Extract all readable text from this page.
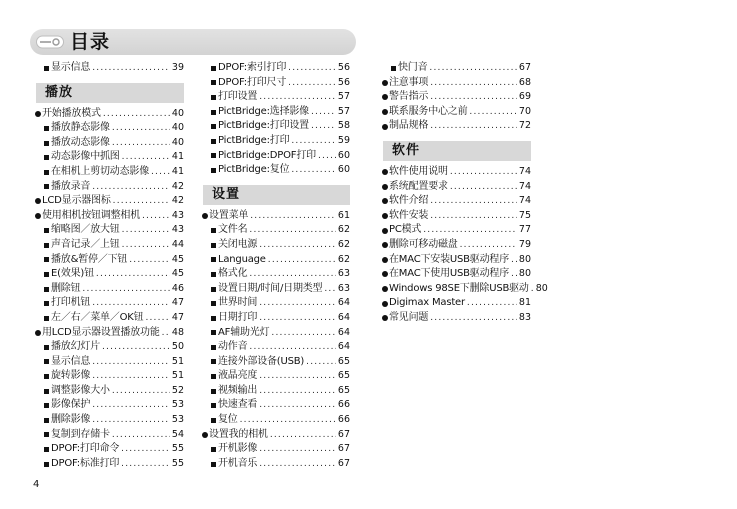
目录
显示信息 .....	39
播放
开始播放模式 .....	40
播放静态影像 .....	40
播放动态影像 .....	40
动态影像中抓图 .....	41
在相机上剪切动态影像 ..... 41
播放录音 .....	42
LCD显示器图标 .....	42
使用相机按钮调整相机 .....	43
缩略图／放大钮 .....	43
声音记录／上钮 .....	44
播放&暂停／下钮 .....	45
E(效果)钮 .....	45
删除钮 .....	46
打印机钮 .....	47
左／右／菜单／OK钮 .....	47
用LCD显示器设置播放功能 ..... 48
播放幻灯片 .....	50
显示信息 .....	51
旋转影像 .....	51
调整影像大小 .....	52
影像保护 .....	53
删除影像 .....	53
复制到存储卡 .....	54
DPOF:打印命令 .....	55
DPOF:标准打印 .....	55
DPOF:索引打印 .....	56
DPOF:打印尺寸 .....	56
打印设置 .....	57
PictBridge:选择影像 .....	57
PictBridge:打印设置 .....	58
PictBridge:打印 .....	59
PictBridge:DPOF打印 ..... 60
PictBridge:复位 .....	60
设置
设置菜单 .....	61
文件名 .....	62
关闭电源 .....	62
Language .....	62
格式化 .....	63
设置日期/时间/日期类型 ..... 63
世界时间 .....	64
日期打印 .....	64
AF辅助光灯 .....	64
动作音 .....	64
连接外部设备(USB) .....	65
液晶亮度 .....	65
视频输出 .....	65
快速查看 .....	66
复位 .....	66
设置我的相机 .....	67
开机影像 .....	67
开机音乐 .....	67
快门音 .....	67
注意事项 .....	68
警告指示 .....	69
联系服务中心之前 .....	70
制品规格 .....	72
软件
软件使用说明 .....	74
系统配置要求 .....	74
软件介绍 .....	74
软件安装 .....	75
PC模式 .....	77
删除可移动磁盘 .....	79
在MAC下安装USB驱动程序 ..... 80
在MAC下使用USB驱动程序 ..... 80
Windows 98SE下删除USB驱动 ..... 80
Digimax Master .....	81
常见问题 .....	83
4
